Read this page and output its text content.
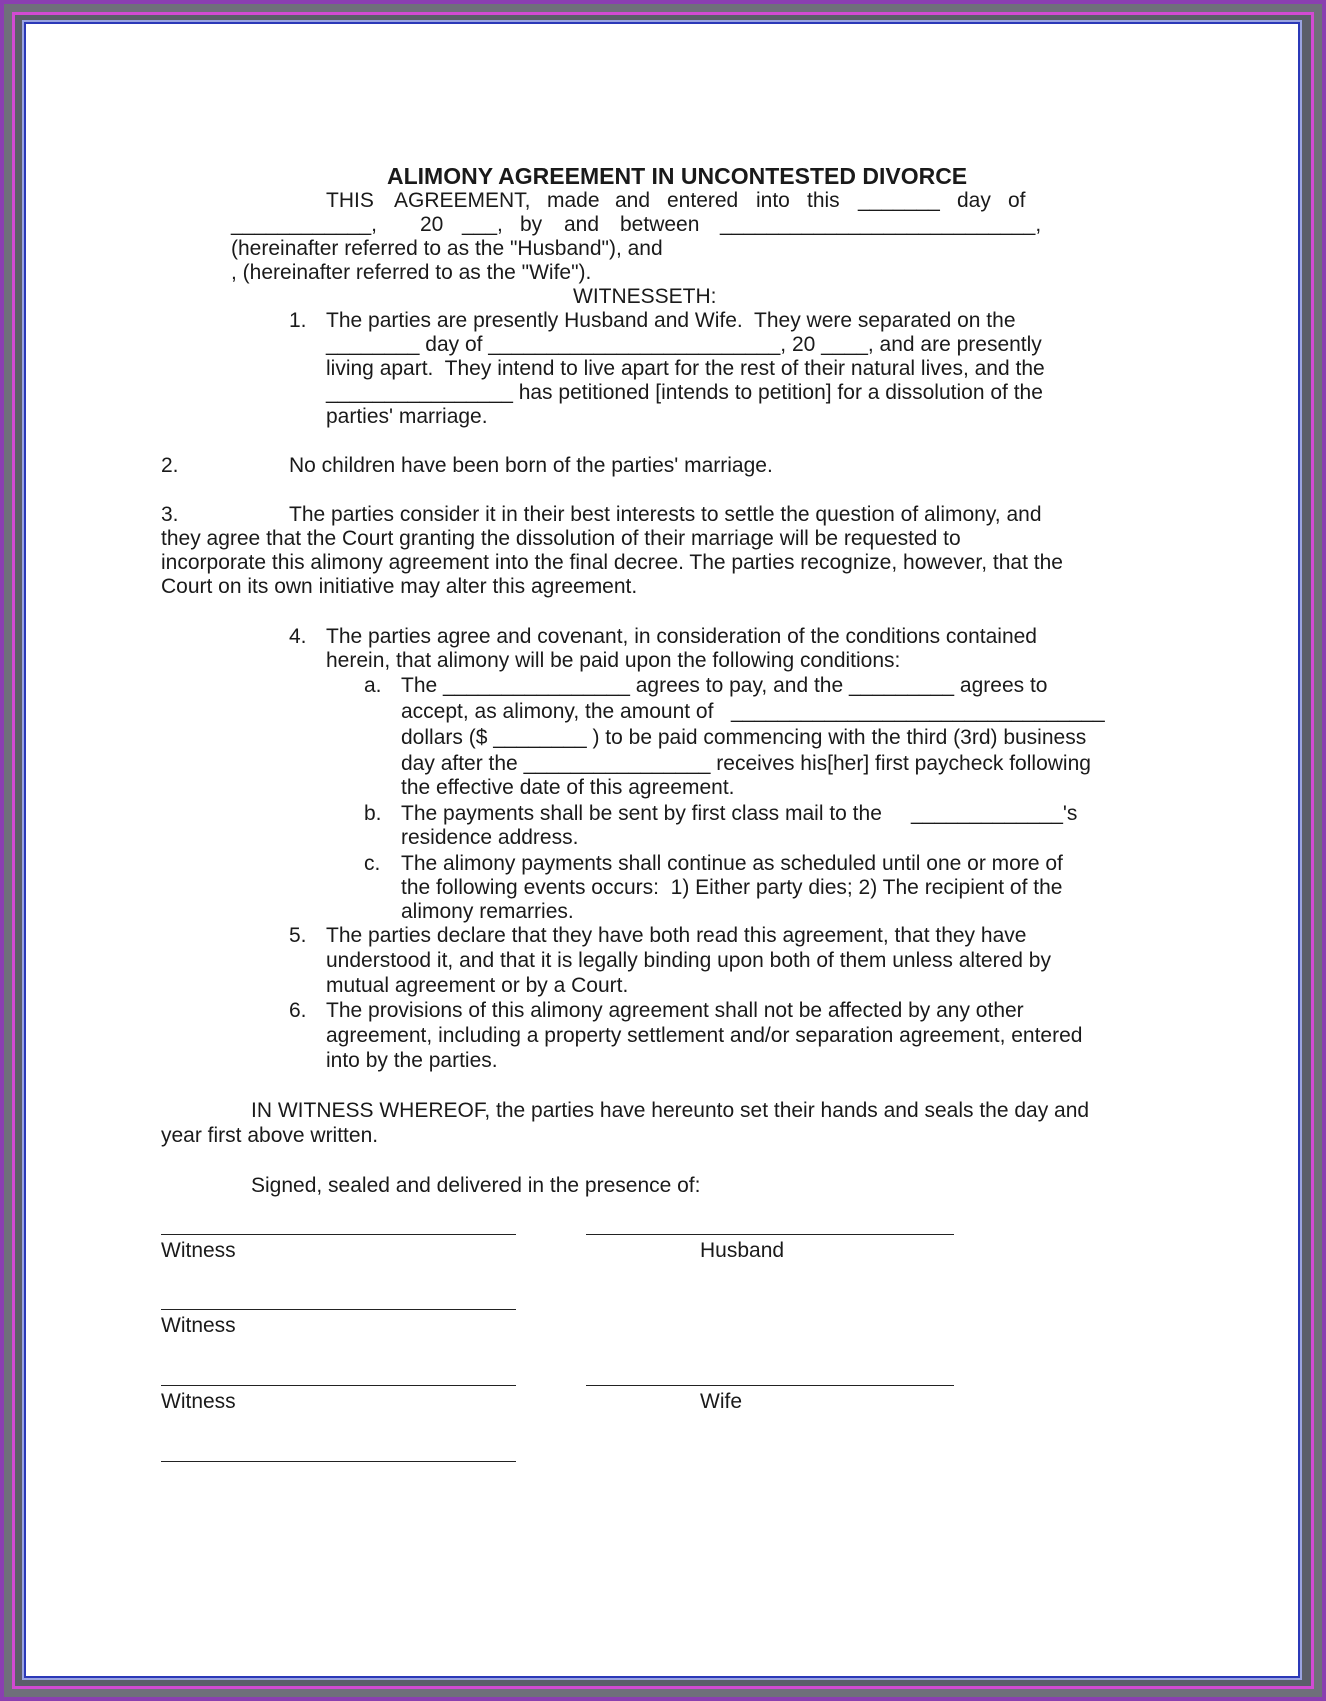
ALIMONY AGREEMENT IN UNCONTESTED DIVORCE
THIS AGREEMENT, made and entered into this _______ day of
____________, 20 ___, by and between ___________________________,
(hereinafter referred to as the "Husband"), and
, (hereinafter referred to as the "Wife").
WITNESSETH:
1. The parties are presently Husband and Wife.  They were separated on the
________ day of _________________________, 20 ____, and are presently
living apart.  They intend to live apart for the rest of their natural lives, and the
________________ has petitioned [intends to petition] for a dissolution of the
parties' marriage.
2.	No children have been born of the parties' marriage.
3.	The parties consider it in their best interests to settle the question of alimony, and
they agree that the Court granting the dissolution of their marriage will be requested to
incorporate this alimony agreement into the final decree. The parties recognize, however, that the
Court on its own initiative may alter this agreement.
4. The parties agree and covenant, in consideration of the conditions contained
herein, that alimony will be paid upon the following conditions:
a. The ________________ agrees to pay, and the _________ agrees to
accept, as alimony, the amount of   ________________________________
dollars ($ ________ ) to be paid commencing with the third (3rd) business
day after the ________________ receives his[her] first paycheck following
the effective date of this agreement.
b. The payments shall be sent by first class mail to the     _____________'s
residence address.
c. The alimony payments shall continue as scheduled until one or more of
the following events occurs:  1) Either party dies; 2) The recipient of the
alimony remarries.
5. The parties declare that they have both read this agreement, that they have
understood it, and that it is legally binding upon both of them unless altered by
mutual agreement or by a Court.
6. The provisions of this alimony agreement shall not be affected by any other
agreement, including a property settlement and/or separation agreement, entered
into by the parties.
IN WITNESS WHEREOF, the parties have hereunto set their hands and seals the day and
year first above written.
Signed, sealed and delivered in the presence of:
Witness	Husband
Witness
Witness	Wife
